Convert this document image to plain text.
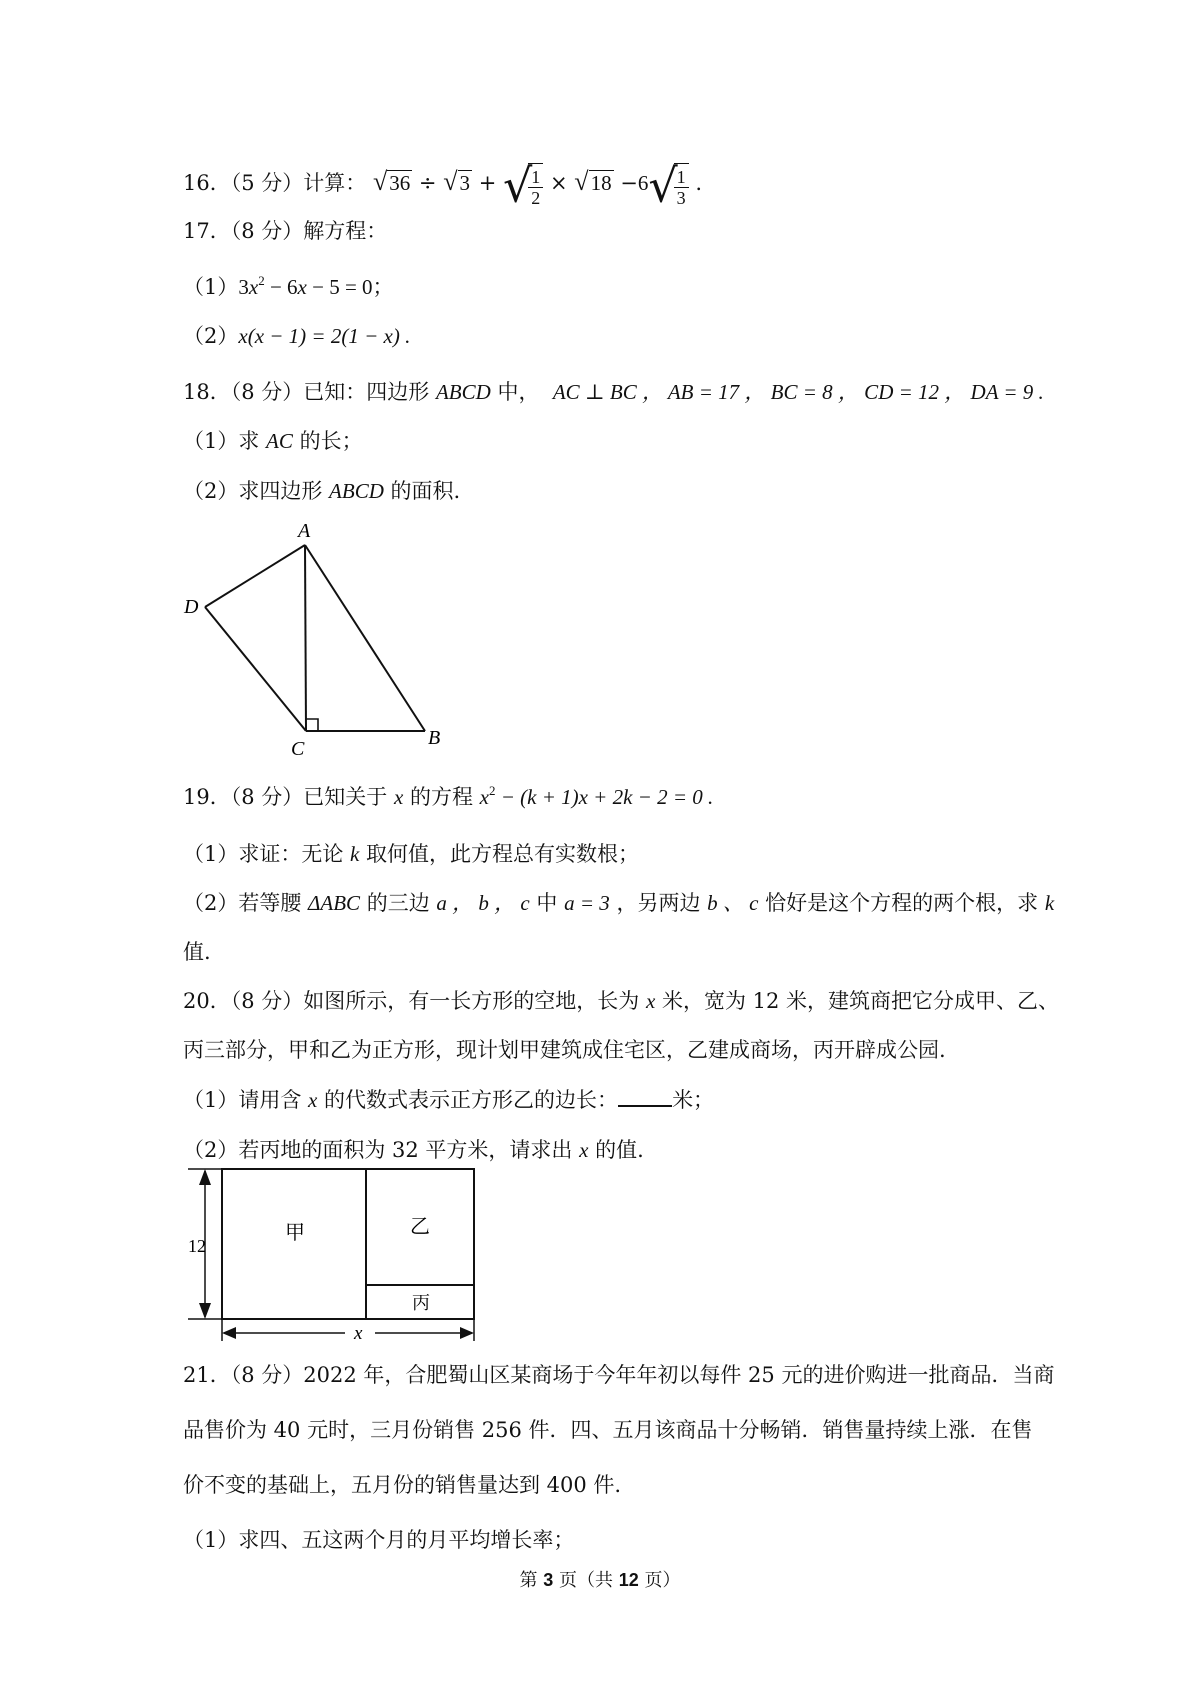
16．（5 分）计算： √36 ÷ √3 + √
$\frac{1}{2} \times √18 -6√$
$\frac{1}{3}$ .
17．（8 分）解方程：
$(1)3x^2 - 6x - 5 = 0$；
（2）x(x − 1) = 2(1 − x) .
18．（8 分）已知：四边形 ABCD 中， AC ⊥ BC ， AB = 17 ， BC = 8 ， CD = 12 ， DA = 9 .
（1）求 AC 的长；
（2）求四边形 ABCD 的面积.
A
D
C	B
19．（8 分）已知关于 x 的方程 $x^2 - (k + 1)x + 2k - 2 = 0$ .
（1）求证：无论 k 取何值，此方程总有实数根；
（2）若等腰 ΔABC 的三边 a ， b ， c 中 a = 3 ，另两边 b 、 c 恰好是这个方程的两个根，求 k
值.
20．（8 分）如图所示，有一长方形的空地，长为 x 米，宽为 12 米，建筑商把它分成甲、乙、
丙三部分，甲和乙为正方形，现计划甲建筑成住宅区，乙建成商场，丙开辟成公园.
（1）请用含 x 的代数式表示正方形乙的边长：	米；
（2）若丙地的面积为 32 平方米，请求出 x 的值.
12
甲	乙
丙
x
21．（8 分）2022 年，合肥蜀山区某商场于今年年初以每件 25 元的进价购进一批商品．当商
品售价为 40 元时，三月份销售 256 件．四、五月该商品十分畅销．销售量持续上涨．在售
价不变的基础上，五月份的销售量达到 400 件.
（1）求四、五这两个月的月平均增长率；
第 3 页（共 12 页）
